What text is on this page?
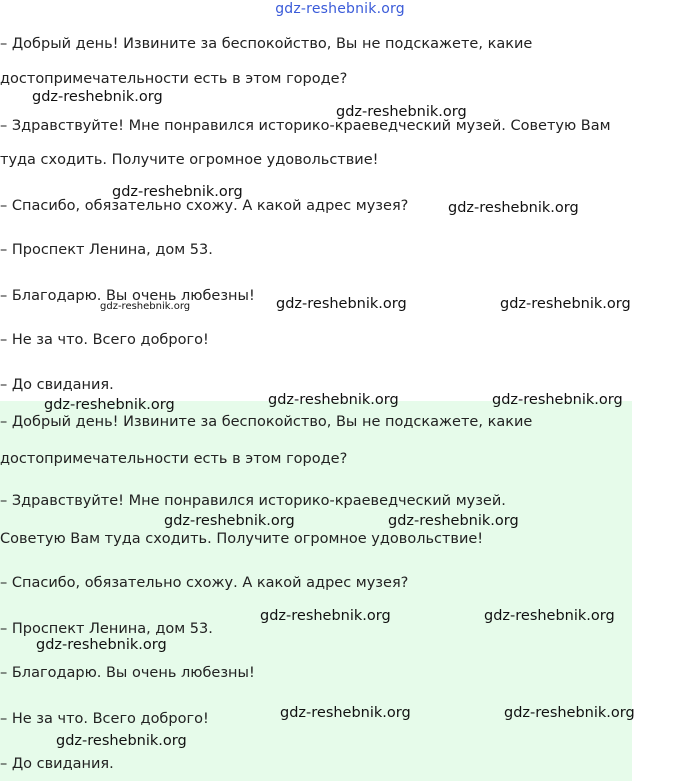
gdz-reshebnik.org
– Добрый день! Извините за беспокойство, Вы не подскажете, какие
достопримечательности есть в этом городе?
– Здравствуйте! Мне понравился историко-краеведческий музей. Советую Вам
туда сходить. Получите огромное удовольствие!
– Спасибо, обязательно схожу. А какой адрес музея?
– Проспект Ленина, дом 53.
– Благодарю. Вы очень любезны!
– Не за что. Всего доброго!
– До свидания.
– Добрый день! Извините за беспокойство, Вы не подскажете, какие
достопримечательности есть в этом городе?
– Здравствуйте! Мне понравился историко-краеведческий музей.
Советую Вам туда сходить. Получите огромное удовольствие!
– Спасибо, обязательно схожу. А какой адрес музея?
– Проспект Ленина, дом 53.
– Благодарю. Вы очень любезны!
– Не за что. Всего доброго!
– До свидания.
gdz-reshebnik.org
gdz-reshebnik.org
gdz-reshebnik.org
gdz-reshebnik.org
gdz-reshebnik.org	gdz-reshebnik.org	gdz-reshebnik.org
gdz-reshebnik.org	gdz-reshebnik.org
gdz-reshebnik.org
gdz-reshebnik.org	gdz-reshebnik.org
gdz-reshebnik.org	gdz-reshebnik.org
gdz-reshebnik.org
gdz-reshebnik.org	gdz-reshebnik.org
gdz-reshebnik.org
